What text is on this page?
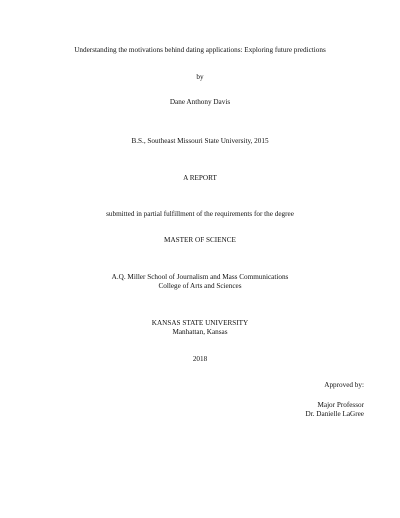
Understanding the motivations behind dating applications: Exploring future predictions
by
Dane Anthony Davis
B.S., Southeast Missouri State University, 2015
A REPORT
submitted in partial fulfillment of the requirements for the degree
MASTER OF SCIENCE
A.Q. Miller School of Journalism and Mass Communications
College of Arts and Sciences
KANSAS STATE UNIVERSITY
Manhattan, Kansas
2018
Approved by:
Major Professor
Dr. Danielle LaGree
